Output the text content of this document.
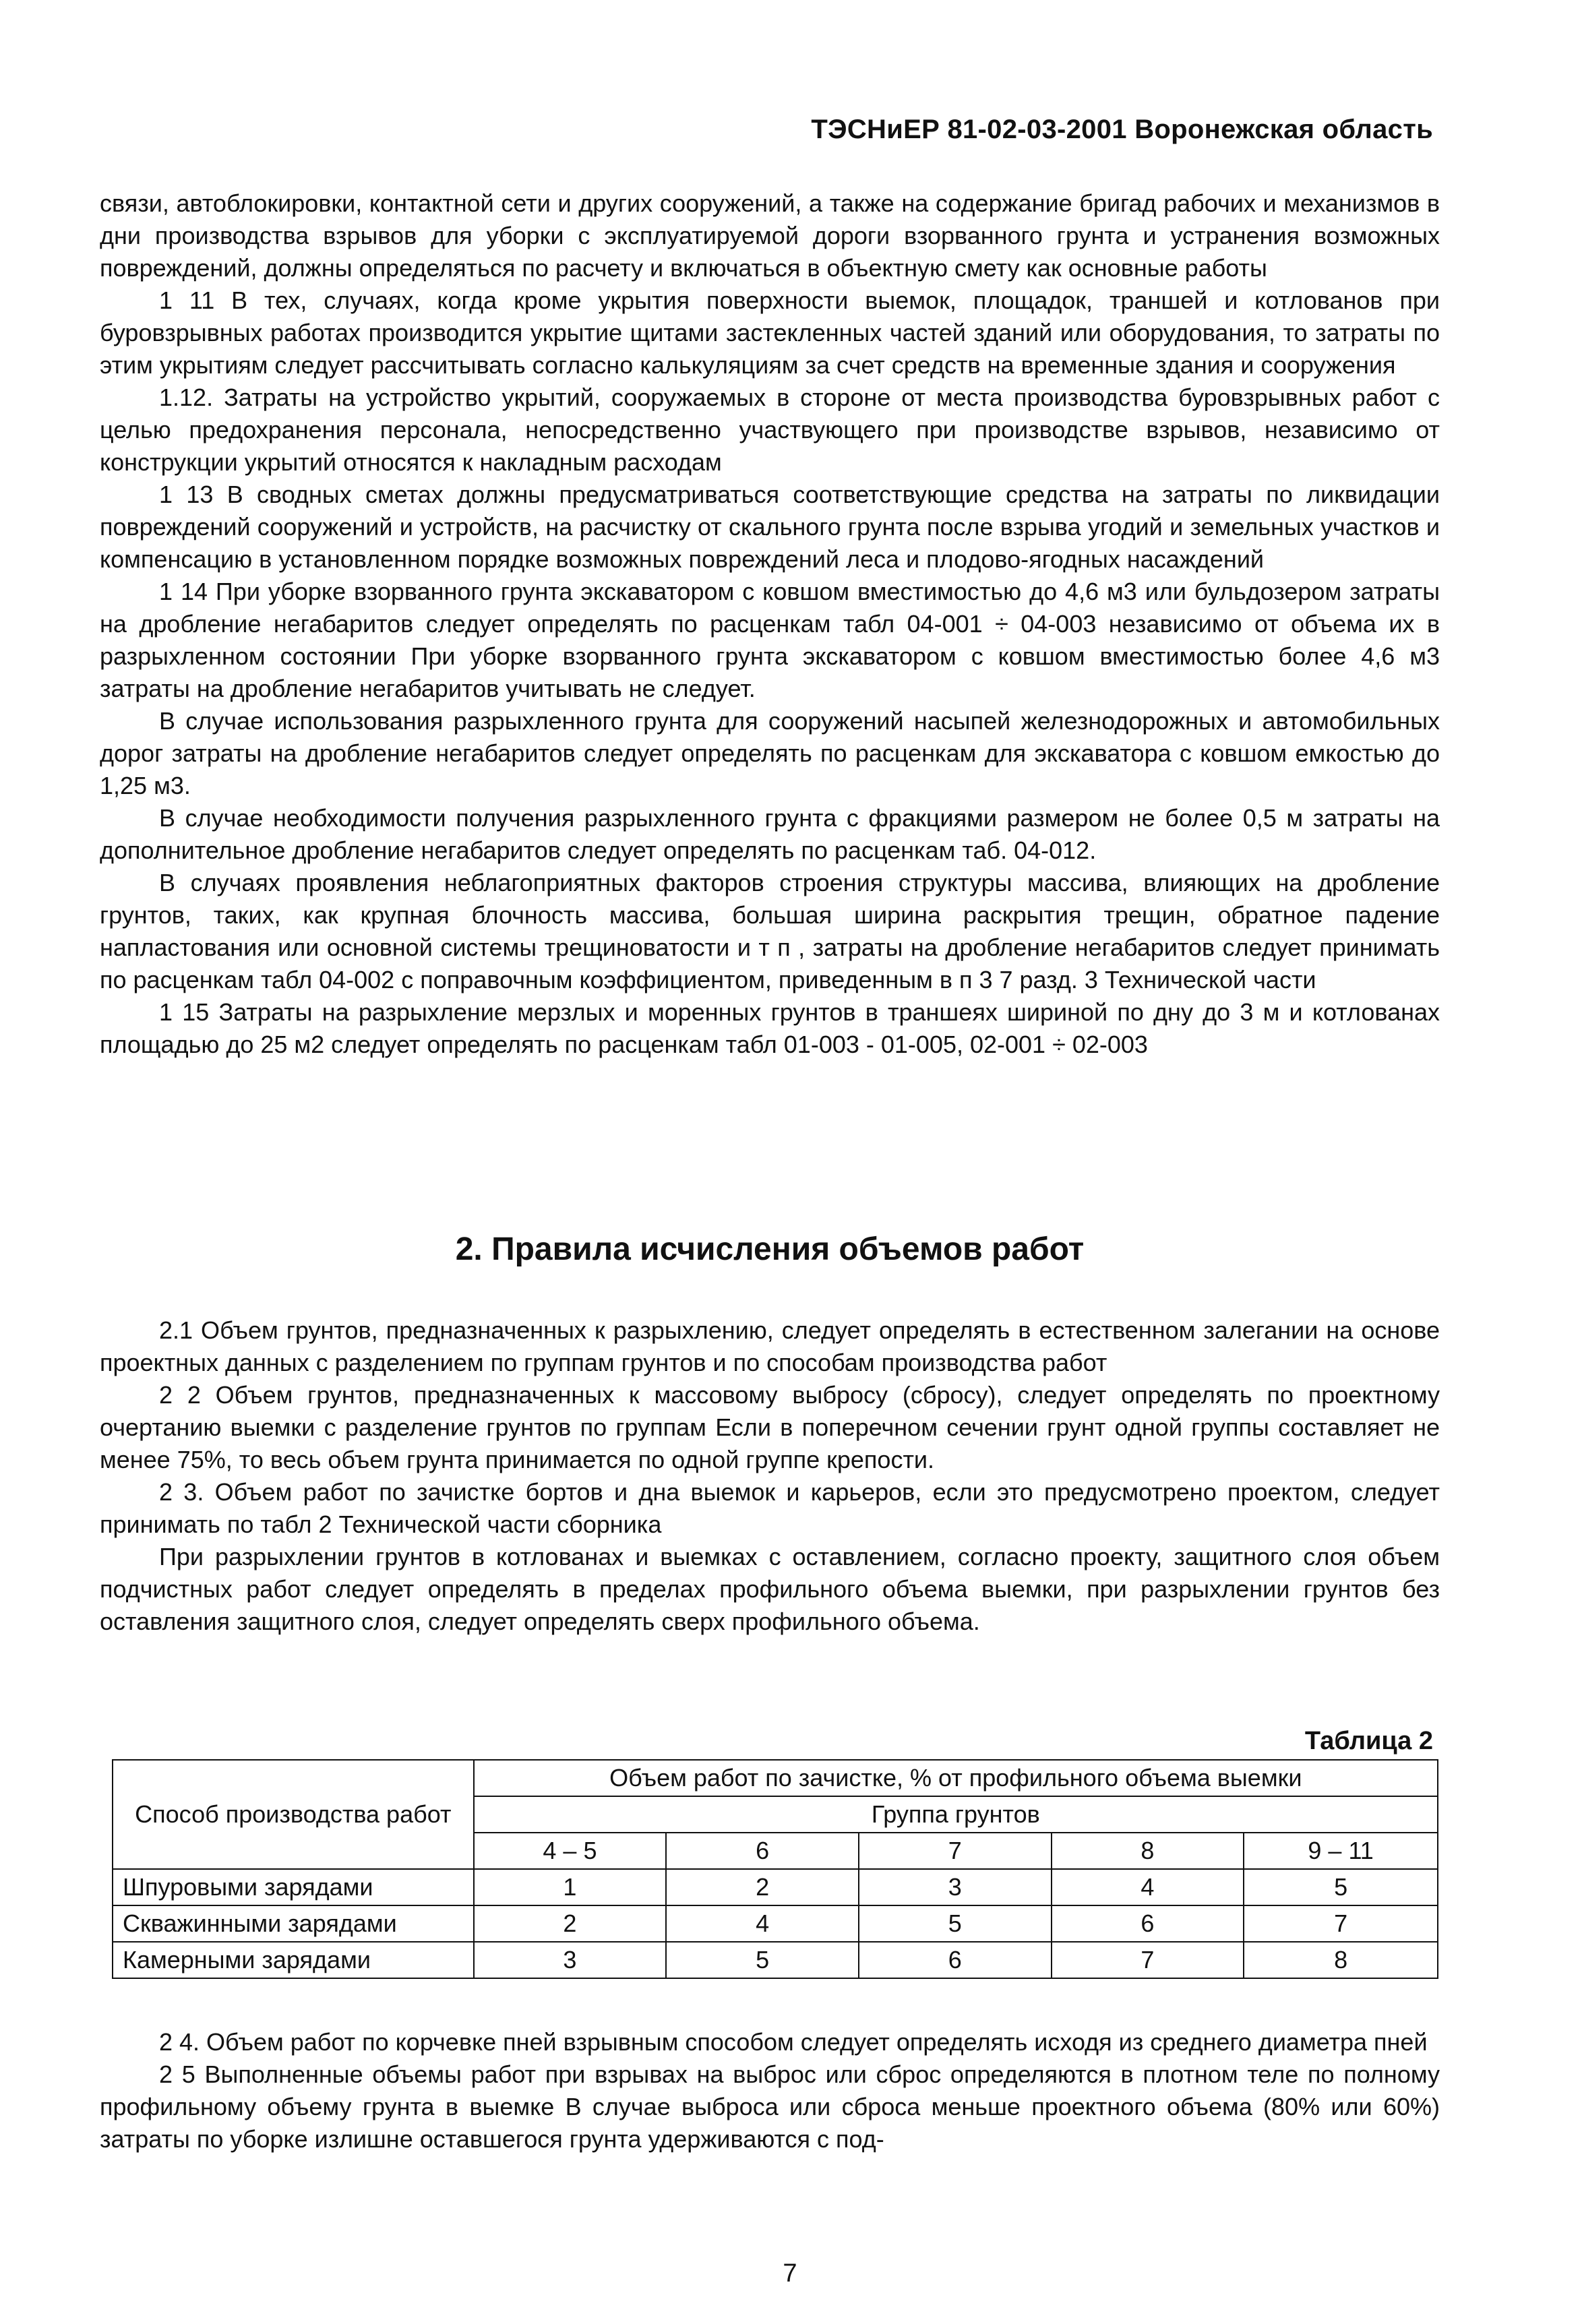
ТЭСНиЕР 81-02-03-2001 Воронежская область

связи, автоблокировки, контактной сети и других сооружений, а также на содержание бригад рабочих и механизмов в дни производства взрывов для уборки с эксплуатируемой дороги взорванного грунта и устранения возможных повреждений, должны определяться по расчету и включаться в объектную смету как основные работы

1 11 В тех, случаях, когда кроме укрытия поверхности выемок, площадок, траншей и котлованов при буровзрывных работах производится укрытие щитами застекленных частей зданий или оборудования, то затраты по этим укрытиям следует рассчитывать согласно калькуляциям за счет средств на временные здания и сооружения

1.12. Затраты на устройство укрытий, сооружаемых в стороне от места производства буровзрывных работ с целью предохранения персонала, непосредственно участвующего при производстве взрывов, независимо от конструкции укрытий относятся к накладным расходам

1 13 В сводных сметах должны предусматриваться соответствующие средства на затраты по ликвидации повреждений сооружений и устройств, на расчистку от скального грунта после взрыва угодий и земельных участков и компенсацию в установленном порядке возможных повреждений леса и плодово-ягодных насаждений

1 14 При уборке взорванного грунта экскаватором с ковшом вместимостью до 4,6 м3 или бульдозером затраты на дробление негабаритов следует определять по расценкам табл 04-001 ÷ 04-003 независимо от объема их в разрыхленном состоянии При уборке взорванного грунта экскаватором с ковшом вместимостью более 4,6 м3 затраты на дробление негабаритов учитывать не следует.

В случае использования разрыхленного грунта для сооружений насыпей железнодорожных и автомобильных дорог затраты на дробление негабаритов следует определять по расценкам для экскаватора с ковшом емкостью до 1,25 м3.

В случае необходимости получения разрыхленного грунта с фракциями размером не более 0,5 м затраты на дополнительное дробление негабаритов следует определять по расценкам таб. 04-012.

В случаях проявления неблагоприятных факторов строения структуры массива, влияющих на дробление грунтов, таких, как крупная блочность массива, большая ширина раскрытия трещин, обратное падение напластования или основной системы трещиноватости и т п , затраты на дробление негабаритов следует принимать по расценкам табл 04-002 с поправочным коэффициентом, приведенным в п 3 7 разд. 3 Технической части

1 15 Затраты на разрыхление мерзлых и моренных грунтов в траншеях шириной по дну до 3 м и котлованах площадью до 25 м2 следует определять по расценкам табл 01-003 - 01-005, 02-001 ÷ 02-003

2. Правила исчисления объемов работ

2.1 Объем грунтов, предназначенных к разрыхлению, следует определять в естественном залегании на основе проектных данных с разделением по группам грунтов и по способам производства работ

2 2 Объем грунтов, предназначенных к массовому выбросу (сбросу), следует определять по проектному очертанию выемки с разделение грунтов по группам Если в поперечном сечении грунт одной группы составляет не менее 75%, то весь объем грунта принимается по одной группе крепости.

2 3. Объем работ по зачистке бортов и дна выемок и карьеров, если это предусмотрено проектом, следует принимать по табл 2 Технической части сборника

При разрыхлении грунтов в котлованах и выемках с оставлением, согласно проекту, защитного слоя объем подчистных работ следует определять в пределах профильного объема выемки, при разрыхлении грунтов без оставления защитного слоя, следует определять сверх профильного объема.

Таблица 2
Способ производства работ	Объем работ по зачистке, % от профильного объема выемки				
	Группа грунтов				
	4 – 5	6	7	8	9 – 11
Шпуровыми зарядами	1	2	3	4	5
Скважинными зарядами	2	4	5	6	7
Камерными зарядами	3	5	6	7	8

2 4. Объем работ по корчевке пней взрывным способом следует определять исходя из среднего диаметра пней

2 5 Выполненные объемы работ при взрывах на выброс или сброс определяются в плотном теле по полному профильному объему грунта в выемке В случае выброса или сброса меньше проектного объема (80% или 60%) затраты по уборке излишне оставшегося грунта удерживаются с под-

7
